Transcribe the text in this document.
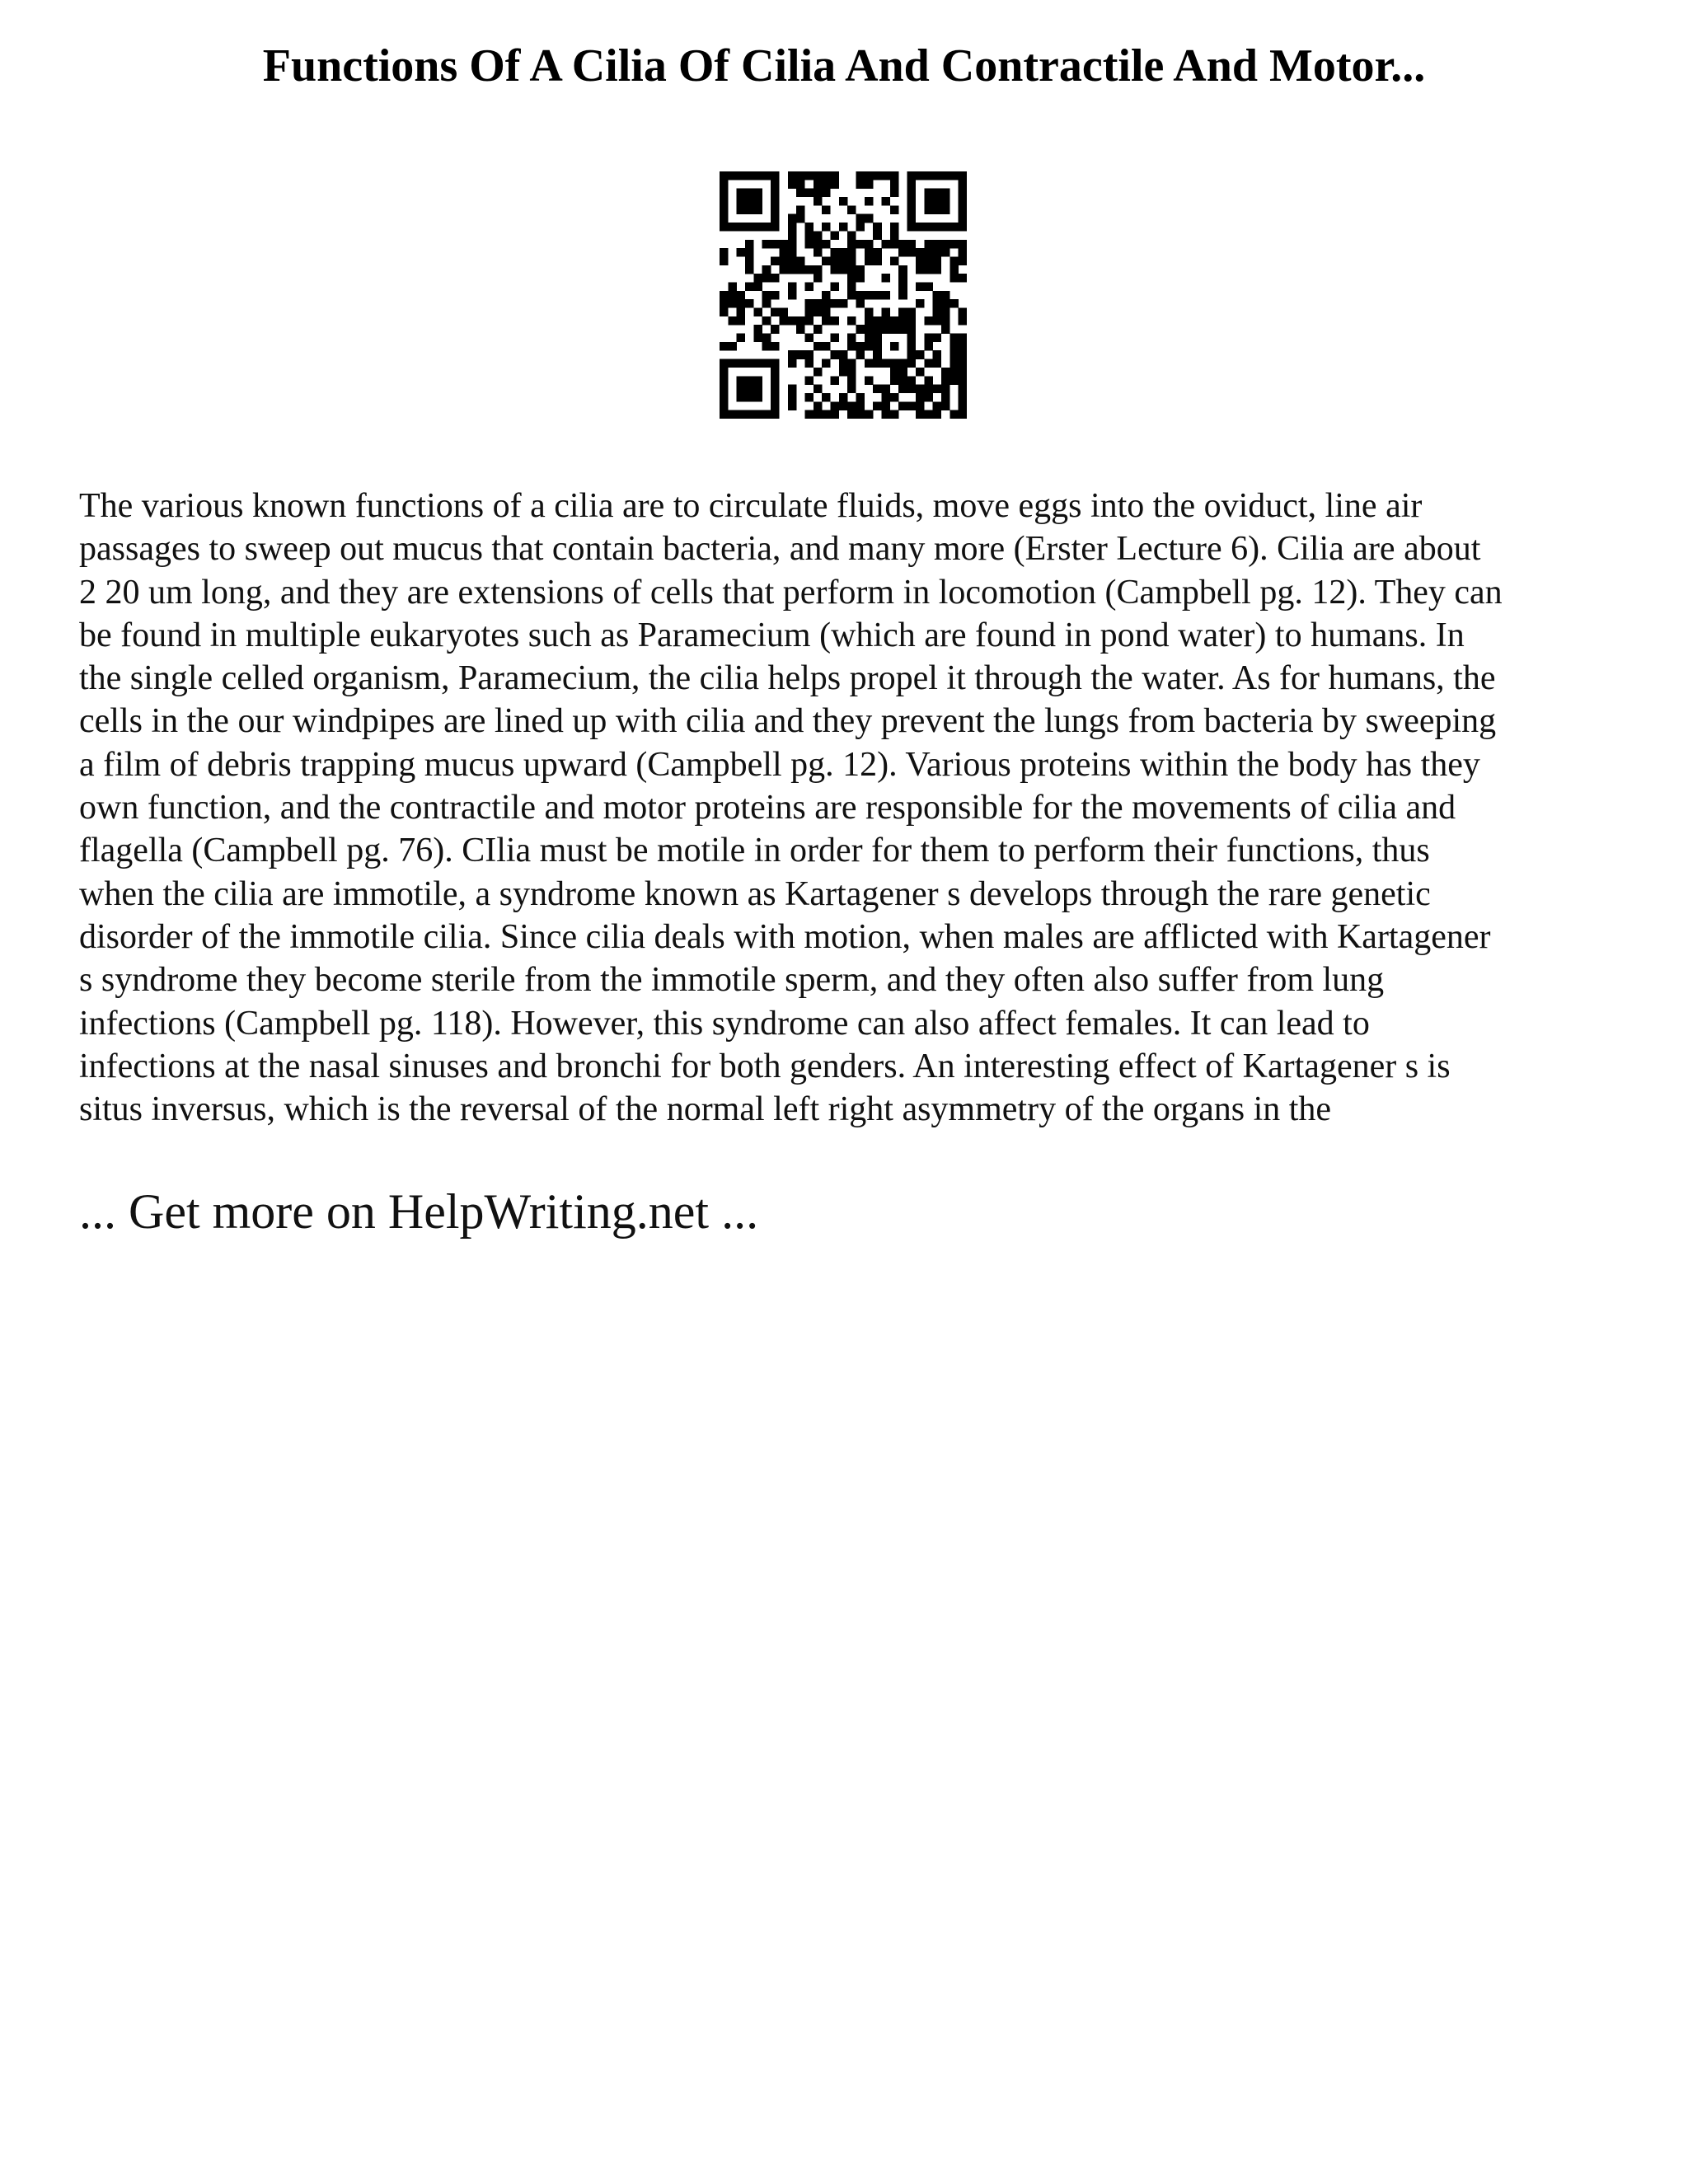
Functions Of A Cilia Of Cilia And Contractile And Motor...

The various known functions of a cilia are to circulate fluids, move eggs into the oviduct, line air
passages to sweep out mucus that contain bacteria, and many more (Erster Lecture 6). Cilia are about
2 20 um long, and they are extensions of cells that perform in locomotion (Campbell pg. 12). They can
be found in multiple eukaryotes such as Paramecium (which are found in pond water) to humans. In
the single celled organism, Paramecium, the cilia helps propel it through the water. As for humans, the
cells in the our windpipes are lined up with cilia and they prevent the lungs from bacteria by sweeping
a film of debris trapping mucus upward (Campbell pg. 12). Various proteins within the body has they
own function, and the contractile and motor proteins are responsible for the movements of cilia and
flagella (Campbell pg. 76). CIlia must be motile in order for them to perform their functions, thus
when the cilia are immotile, a syndrome known as Kartagener s develops through the rare genetic
disorder of the immotile cilia. Since cilia deals with motion, when males are afflicted with Kartagener
s syndrome they become sterile from the immotile sperm, and they often also suffer from lung
infections (Campbell pg. 118). However, this syndrome can also affect females. It can lead to
infections at the nasal sinuses and bronchi for both genders. An interesting effect of Kartagener s is
situs inversus, which is the reversal of the normal left right asymmetry of the organs in the

... Get more on HelpWriting.net ...
